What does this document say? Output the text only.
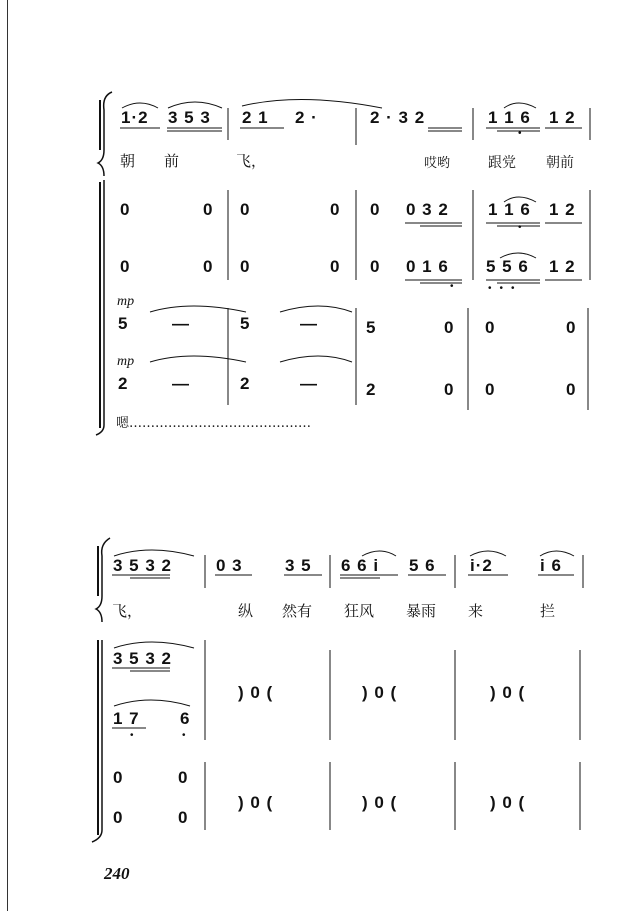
1·2 3 5 3 2 1 2 ·	2 · 3 2	1 1 6 1 2
•
朝 前	飞，	哎哟	跟党 朝前
0	0 0	0 0 0 3 2 1 1 6 1 2
•
0	0 0	0 0 0 1 6 5 5 6 1 2
•	•••
mp
5	—	5	—	5	0 0	0
mp
2	—	2	—	2	0 0	0
嗯……………………………………
3 5 3 2	0 3 3 5 6 6 i 5 6 i·2	i 6
飞，	纵 然有 狂风 暴雨 来	拦
3 5 3 2
) 0 (	) 0 (	) 0 (
1 7 6
•	•
0	0
0	0
) 0 (	) 0 (	) 0 (
240
